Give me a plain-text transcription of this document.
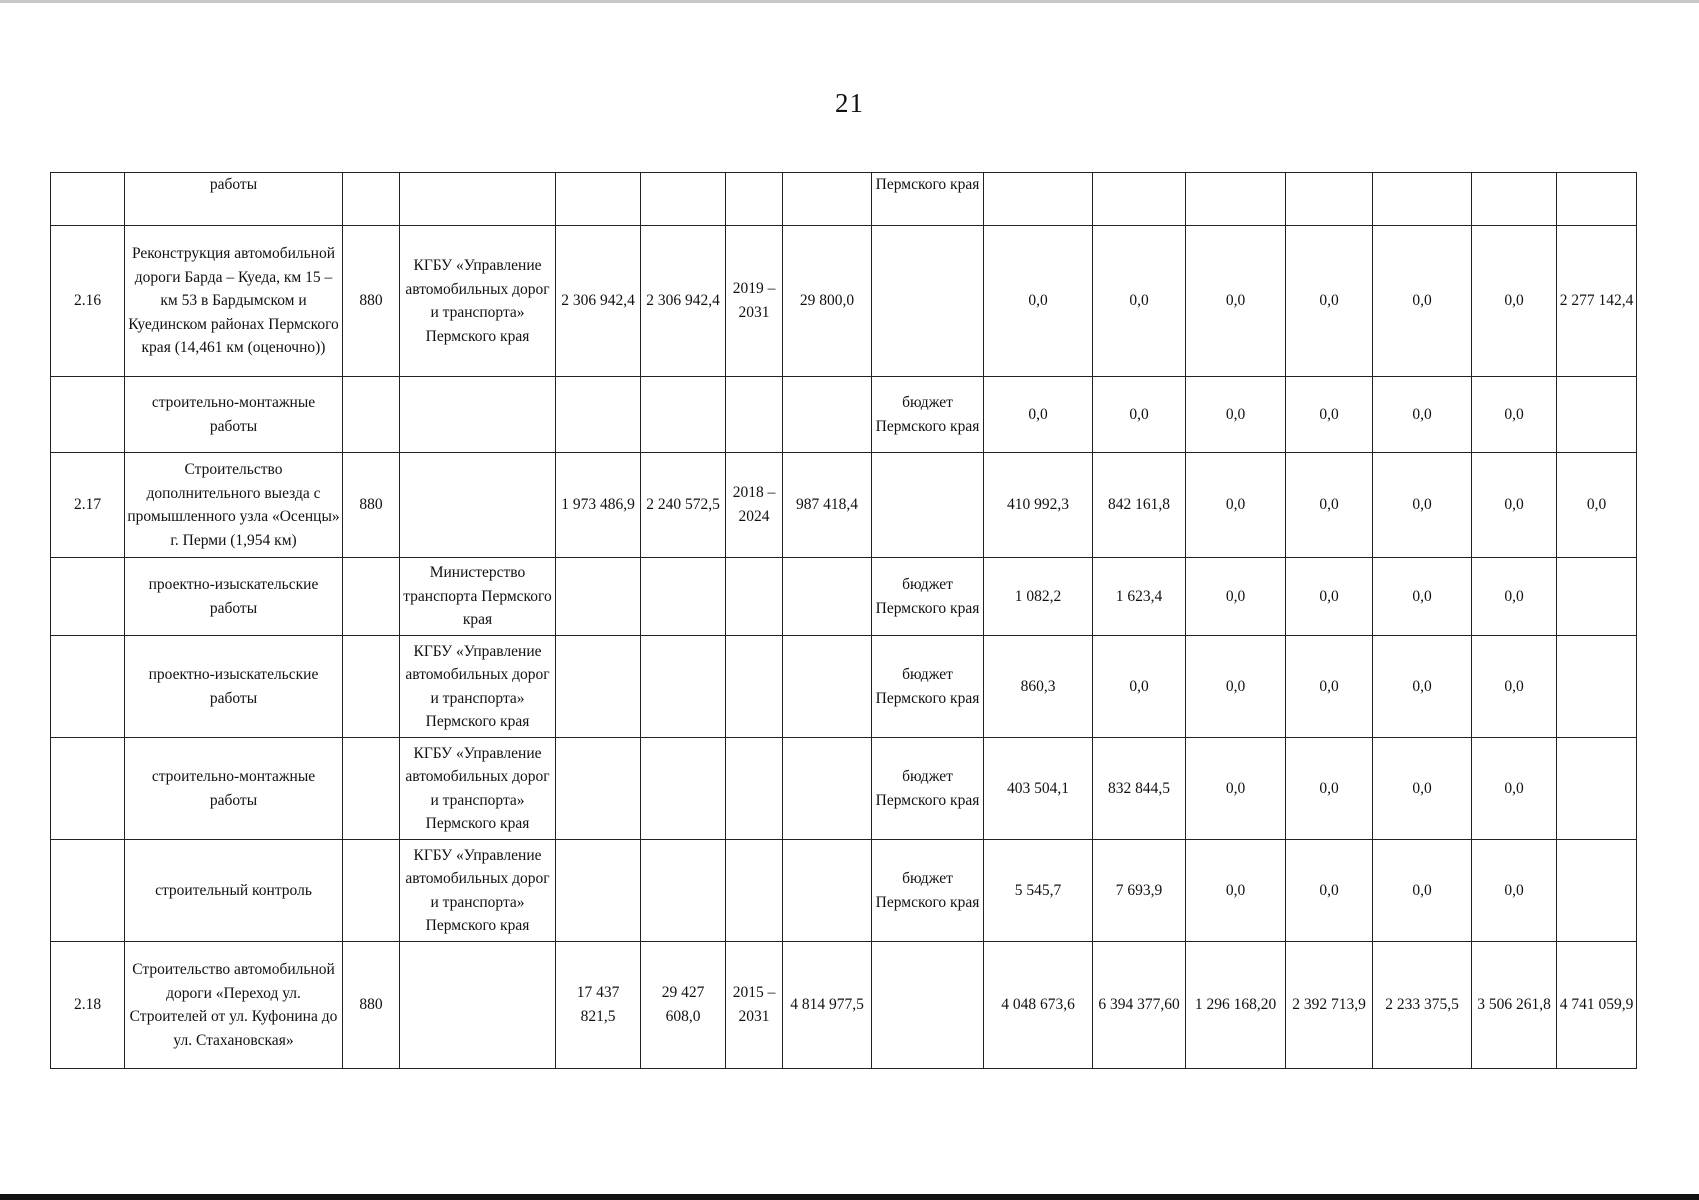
21
	работы							Пермского края							
2.16	Реконструкция автомобильной дороги Барда – Куеда, км 15 – км 53 в Бардымском и Куединском районах Пермского края (14,461 км (оценочно))	880	КГБУ «Управление автомобильных дорог и транспорта» Пермского края	2 306 942,4	2 306 942,4	2019 – 2031	29 800,0		0,0	0,0	0,0	0,0	0,0	0,0	2 277 142,4
	строительно-монтажные работы							бюджет Пермского края	0,0	0,0	0,0	0,0	0,0	0,0	
2.17	Строительство дополнительного выезда с промышленного узла «Осенцы» г. Перми (1,954 км)	880		1 973 486,9	2 240 572,5	2018 – 2024	987 418,4		410 992,3	842 161,8	0,0	0,0	0,0	0,0	0,0
	проектно-изыскательские работы		Министерство транспорта Пермского края					бюджет Пермского края	1 082,2	1 623,4	0,0	0,0	0,0	0,0	
	проектно-изыскательские работы		КГБУ «Управление автомобильных дорог и транспорта» Пермского края					бюджет Пермского края	860,3	0,0	0,0	0,0	0,0	0,0	
	строительно-монтажные работы		КГБУ «Управление автомобильных дорог и транспорта» Пермского края					бюджет Пермского края	403 504,1	832 844,5	0,0	0,0	0,0	0,0	
	строительный контроль		КГБУ «Управление автомобильных дорог и транспорта» Пермского края					бюджет Пермского края	5 545,7	7 693,9	0,0	0,0	0,0	0,0	
2.18	Строительство автомобильной дороги «Переход ул. Строителей от ул. Куфонина до ул. Стахановская»	880		17 437 821,5	29 427 608,0	2015 – 2031	4 814 977,5		4 048 673,6	6 394 377,60	1 296 168,20	2 392 713,9	2 233 375,5	3 506 261,8	4 741 059,9
